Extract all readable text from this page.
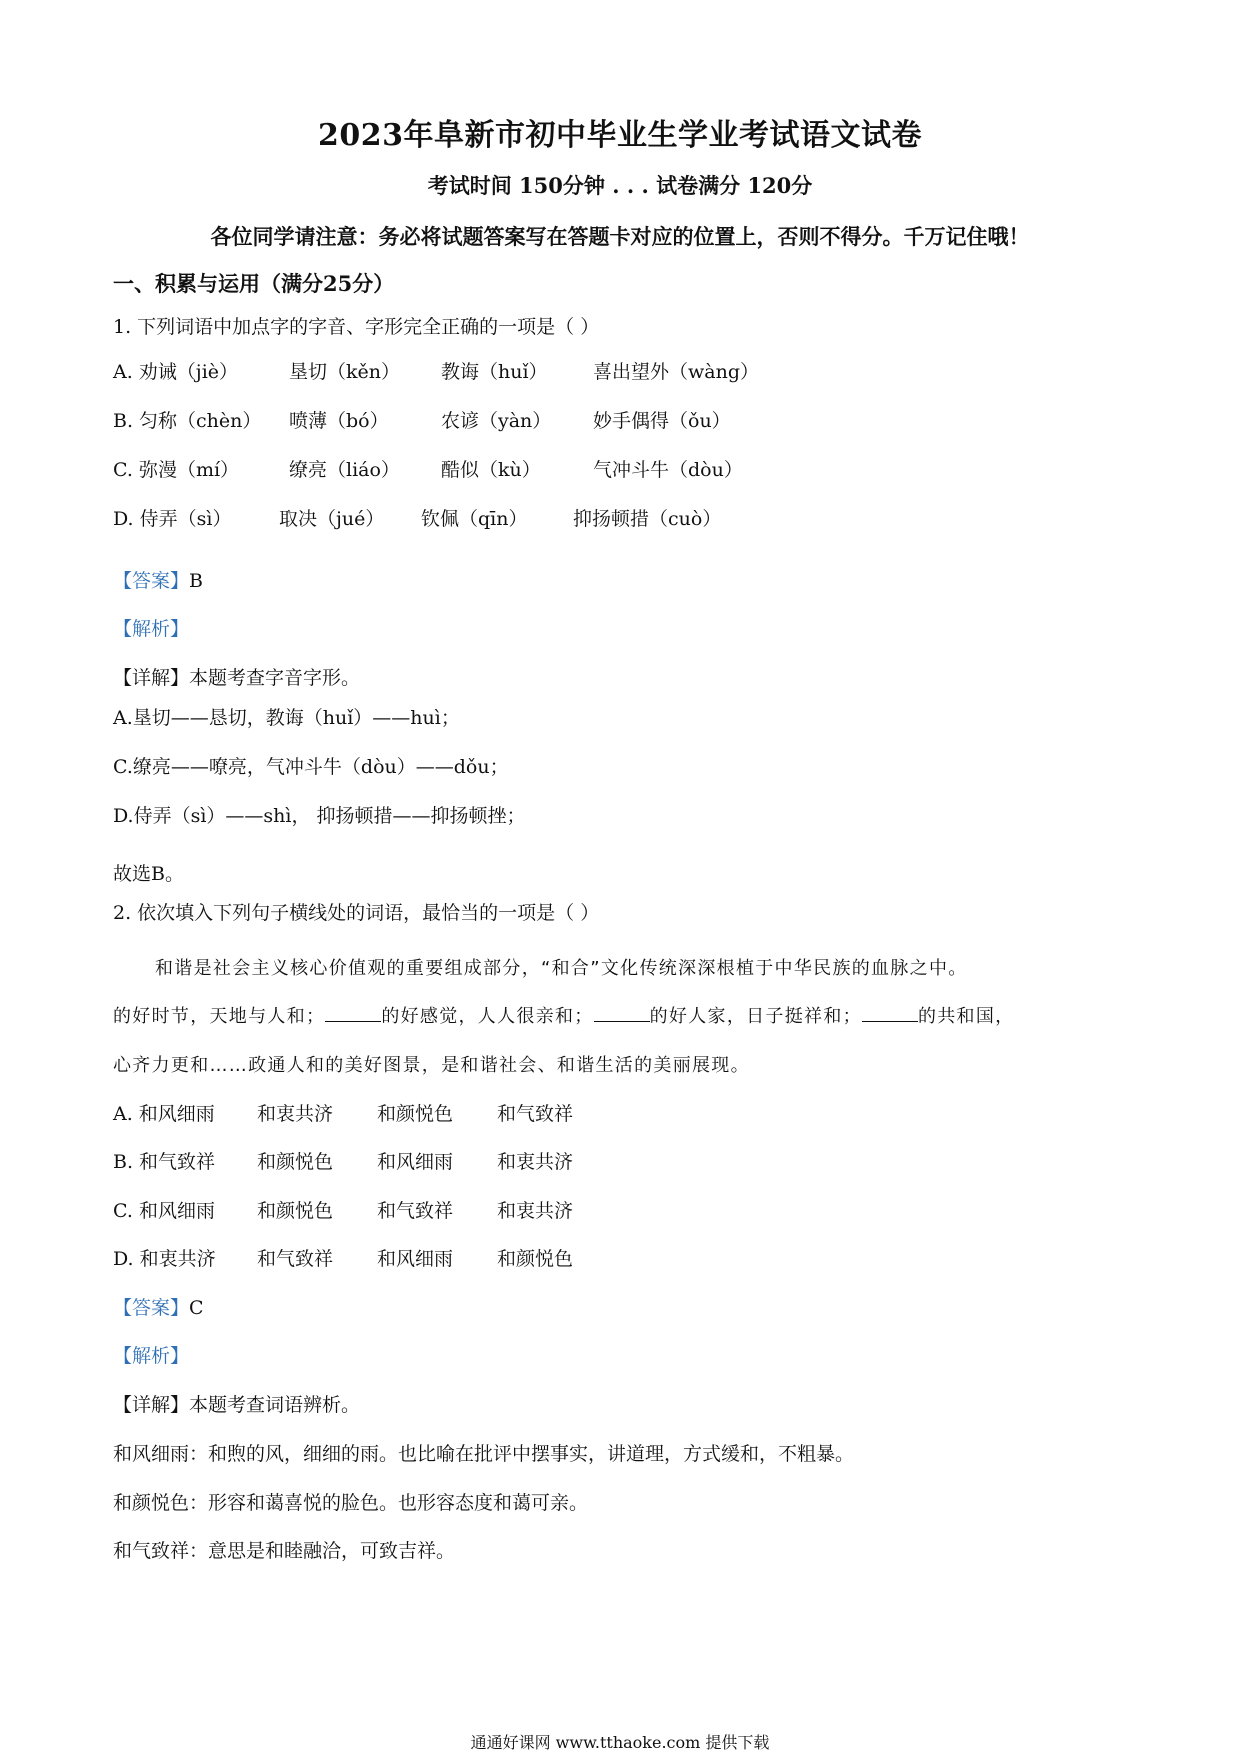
2023年阜新市初中毕业生学业考试语文试卷
考试时间 150分钟 . . . 试卷满分 120分
各位同学请注意：务必将试题答案写在答题卡对应的位置上，否则不得分。千万记住哦！
一、积累与运用（满分25分）
1. 下列词语中加点字的字音、字形完全正确的一项是（ ）
A. 劝诫（jiè）	垦切（kěn） 教诲（huǐ） 喜出望外（wàng）
B. 匀称（chèn） 喷薄（bó）	农谚（yàn） 妙手偶得（ǒu）
C. 弥漫（mí）	缭亮（liáo） 酷似（kù）	气冲斗牛（dòu）
D. 侍弄（sì）	取决（jué） 钦佩（qīn） 抑扬顿措（cuò）
【答案】B
【解析】
【详解】本题考查字音字形。
A.垦切——恳切，教诲（huǐ）——huì；
C.缭亮——嘹亮，气冲斗牛（dòu）——dǒu；
D.侍弄（sì）——shì， 抑扬顿措——抑扬顿挫；
故选B。
2. 依次填入下列句子横线处的词语，最恰当的一项是（ ）
和谐是社会主义核心价值观的重要组成部分，“和合”文化传统深深根植于中华民族的血脉之中。
的好时节，天地与人和；	的好感觉，人人很亲和；	的好人家，日子挺祥和；	的共和国，
心齐力更和……政通人和的美好图景，是和谐社会、和谐生活的美丽展现。
A. 和风细雨 和衷共济 和颜悦色 和气致祥
B. 和气致祥 和颜悦色 和风细雨 和衷共济
C. 和风细雨 和颜悦色 和气致祥 和衷共济
D. 和衷共济 和气致祥 和风细雨 和颜悦色
【答案】C
【解析】
【详解】本题考查词语辨析。
和风细雨：和煦的风，细细的雨。也比喻在批评中摆事实，讲道理，方式缓和，不粗暴。
和颜悦色：形容和蔼喜悦的脸色。也形容态度和蔼可亲。
和气致祥：意思是和睦融洽，可致吉祥。
通通好课网 www.tthaoke.com 提供下载
